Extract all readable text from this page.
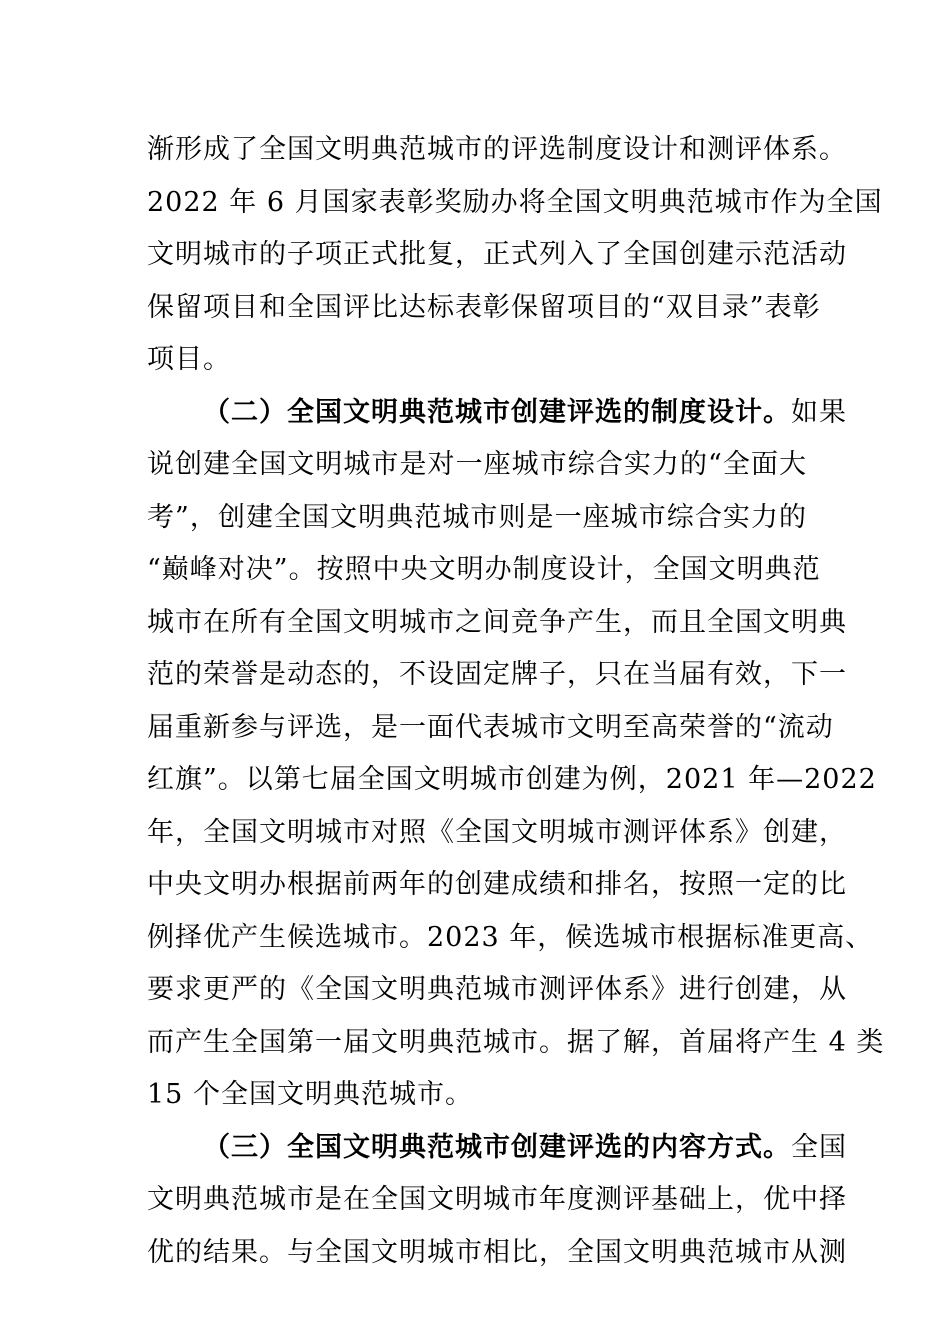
渐形成了全国文明典范城市的评选制度设计和测评体系。
2022 年 6 月国家表彰奖励办将全国文明典范城市作为全国
文明城市的子项正式批复，正式列入了全国创建示范活动
保留项目和全国评比达标表彰保留项目的“双目录”表彰
项目。
（二）全国文明典范城市创建评选的制度设计。如果
说创建全国文明城市是对一座城市综合实力的“全面大
考”，创建全国文明典范城市则是一座城市综合实力的
“巅峰对决”。按照中央文明办制度设计，全国文明典范
城市在所有全国文明城市之间竞争产生，而且全国文明典
范的荣誉是动态的，不设固定牌子，只在当届有效，下一
届重新参与评选，是一面代表城市文明至高荣誉的“流动
红旗”。以第七届全国文明城市创建为例，2021 年—2022
年，全国文明城市对照《全国文明城市测评体系》创建，
中央文明办根据前两年的创建成绩和排名，按照一定的比
例择优产生候选城市。2023 年，候选城市根据标准更高、
要求更严的《全国文明典范城市测评体系》进行创建，从
而产生全国第一届文明典范城市。据了解，首届将产生 4 类
15 个全国文明典范城市。
（三）全国文明典范城市创建评选的内容方式。全国
文明典范城市是在全国文明城市年度测评基础上，优中择
优的结果。与全国文明城市相比，全国文明典范城市从测
